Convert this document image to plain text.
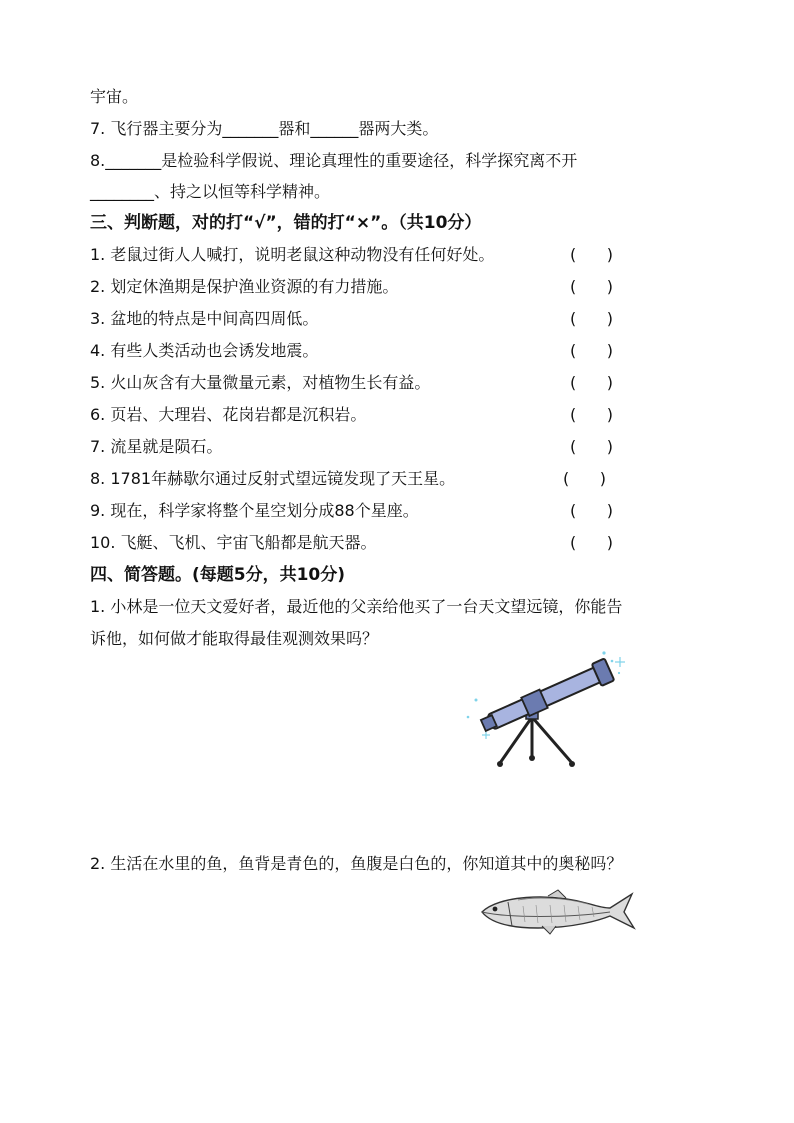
宇宙。
7. 飞行器主要分为_______器和______器两大类。
8._______是检验科学假说、理论真理性的重要途径，科学探究离不开
________、持之以恒等科学精神。
三、判断题，对的打“√”，错的打“×”。（共10分）
1. 老鼠过街人人喊打，说明老鼠这种动物没有任何好处。	(      )
2. 划定休渔期是保护渔业资源的有力措施。	(      )
3. 盆地的特点是中间高四周低。	(      )
4. 有些人类活动也会诱发地震。	(      )
5. 火山灰含有大量微量元素，对植物生长有益。	(      )
6. 页岩、大理岩、花岗岩都是沉积岩。	(      )
7. 流星就是陨石。	(      )
8. 1781年赫歇尔通过反射式望远镜发现了天王星。	(      )
9. 现在，科学家将整个星空划分成88个星座。	(      )
10. 飞艇、飞机、宇宙飞船都是航天器。	(      )
四、简答题。(每题5分，共10分)
1. 小林是一位天文爱好者，最近他的父亲给他买了一台天文望远镜，你能告
诉他，如何做才能取得最佳观测效果吗？
2. 生活在水里的鱼，鱼背是青色的，鱼腹是白色的，你知道其中的奥秘吗？
